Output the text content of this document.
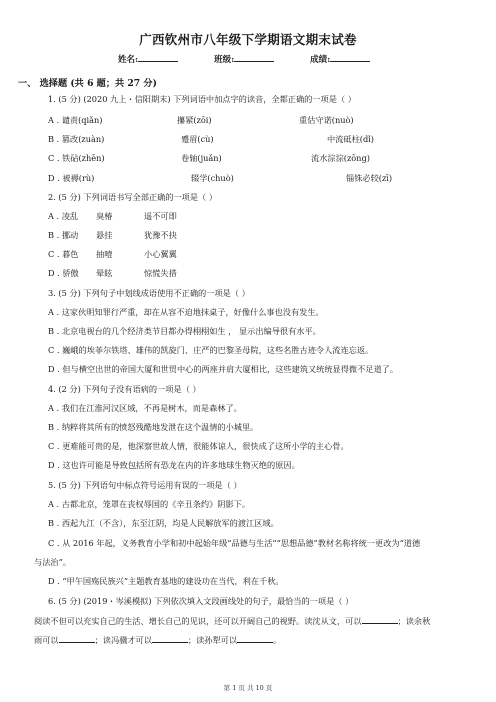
广西钦州市八年级下学期语文期末试卷
姓名:	班级:	成绩:
一、 选择题 (共 6 题；共 27 分)
1. (5 分) (2020 九上・信阳期末) 下列词语中加点字的读音，全都正确的一项是（ ）
A . 谴责(qiǎn)	攥紧(zōi)	重估守诺(nuò)
B . 篡改(zuàn)	蹙眉(cù)	中流砥柱(dǐ)
C . 铁砧(zhēn)	卷轴(juǎn)	流水淙淙(zōng)
D . 被褥(rù)	辍学(chuò)	锱铢必较(zī)
2. (5 分) 下列词语书写全部正确的一项是（ ）
A . 凌乱 臭椿	遥不可即
B . 挪动 悬挂	犹豫不抉
C . 暮色 抽噎	小心翼翼
D . 骄傲 晕眩	惊慌失措
3. (5 分) 下列句子中划线成语使用不正确的一项是（ ）
A . 这家伙明知罪行严重，却在从容不迫地抹桌子，好像什么事也没有发生。
B . 北京电视台的几个经济类节目都办得栩栩如生 ， 显示出编导很有水平。
C . 巍峨的埃菲尔铁塔、雄伟的凯旋门、庄严的巴黎圣母院，这些名胜古迹令人流连忘返。
D . 但与横空出世的帝国大厦和世贸中心的两座并肩大厦相比，这些建筑又统统显得微不足道了。
4. (2 分) 下列句子没有语病的一项是（ ）
A . 我们在江淮河汉区域，不再是树木，而是森林了。
B . 纳粹将其所有的愤怒残酷地发泄在这个温情的小城里。
C . 更难能可贵的是，他深察世故人情，很能体谅人，很快成了这所小学的主心骨。
D . 这也许可能是导致包括所有恐龙在内的许多地球生物灭绝的原因。
5. (5 分) 下列语句中标点符号运用有误的一项是（ ）
A . 古都北京，笼罩在丧权辱国的《辛丑条约》阴影下。
B . 西起九江（不含），东至江阴，均是人民解放军的渡江区域。
C . 从 2016 年起，义务教育小学和初中起始年级“品德与生活”“思想品德”教材名称将统一更改为“道德
与法治”。
D . “甲午国殇民族兴”主题教育基地的建设功在当代，利在千秋。
6. (5 分) (2019・岑溪模拟) 下列依次填入文段画线处的句子，最恰当的一项是（ ）
阅读不但可以充实自己的生活、增长自己的见识，还可以开阔自己的视野。读沈从文，可以	；读余秋
雨可以	；读冯骥才可以	；读孙犁可以	。
第 1 页 共 10 页
